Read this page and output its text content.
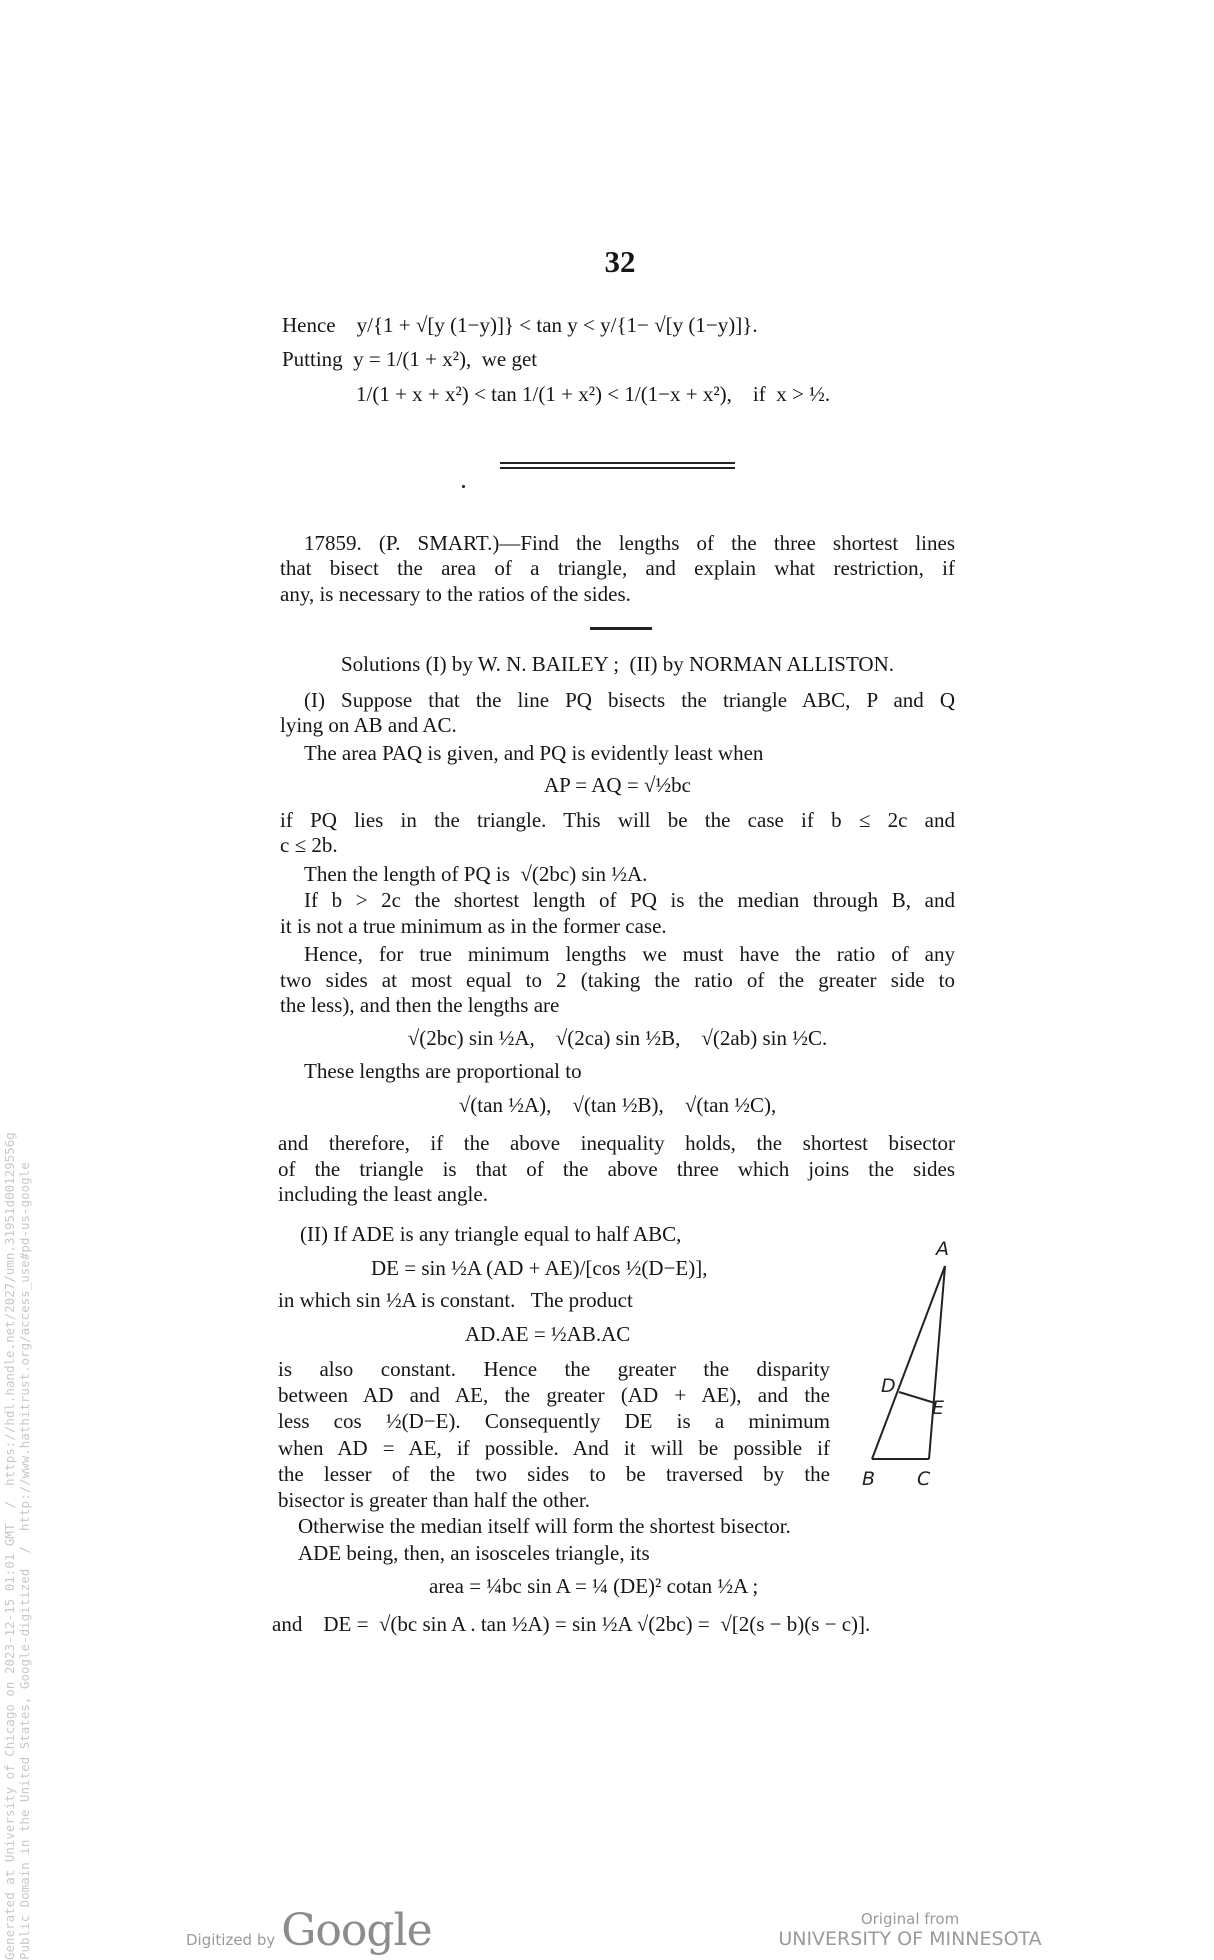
32
Hence    y/{1 + √[y (1−y)]} < tan y < y/{1− √[y (1−y)]}.
Putting  y = 1/(1 + x²),  we get
1/(1 + x + x²) < tan 1/(1 + x²) < 1/(1−x + x²),    if  x > ½.
17859. (P. SMART.)—Find the lengths of the three shortest lines
that bisect the area of a triangle, and explain what restriction, if
any, is necessary to the ratios of the sides.
Solutions (I) by W. N. BAILEY ;  (II) by NORMAN ALLISTON.
(I) Suppose that the line PQ bisects the triangle ABC, P and Q
lying on AB and AC.
The area PAQ is given, and PQ is evidently least when
AP = AQ = √½bc
if PQ lies in the triangle. This will be the case if b ≤ 2c and
c ≤ 2b.
Then the length of PQ is  √(2bc) sin ½A.
If b > 2c the shortest length of PQ is the median through B, and
it is not a true minimum as in the former case.
Hence, for true minimum lengths we must have the ratio of any
two sides at most equal to 2 (taking the ratio of the greater side to
the less), and then the lengths are
√(2bc) sin ½A,    √(2ca) sin ½B,    √(2ab) sin ½C.
These lengths are proportional to
√(tan ½A),    √(tan ½B),    √(tan ½C),
and therefore, if the above inequality holds, the shortest bisector
of the triangle is that of the above three which joins the sides
including the least angle.
(II) If ADE is any triangle equal to half ABC,
DE = sin ½A (AD + AE)/[cos ½(D−E)],
in which sin ½A is constant.   The product
AD.AE = ½AB.AC
is also constant. Hence the greater the disparity
between AD and AE, the greater (AD + AE), and the
less cos ½(D−E). Consequently DE is a minimum
when AD = AE, if possible. And it will be possible if
the lesser of the two sides to be traversed by the
bisector is greater than half the other.
Otherwise the median itself will form the shortest bisector.
ADE being, then, an isosceles triangle, its
area = ¼bc sin A = ¼ (DE)² cotan ½A ;
and    DE =  √(bc sin A . tan ½A) = sin ½A √(2bc) =  √[2(s − b)(s − c)].
A
D
E
B C
Generated at University of Chicago on 2023-12-15 01:01 GMT  /  https://hdl.handle.net/2027/umn.31951d00129556g Public Domain in the United States, Google-digitized  /  http://www.hathitrust.org/access_use#pd-us-google	Digitized by Google	Original from
UNIVERSITY OF MINNESOTA
